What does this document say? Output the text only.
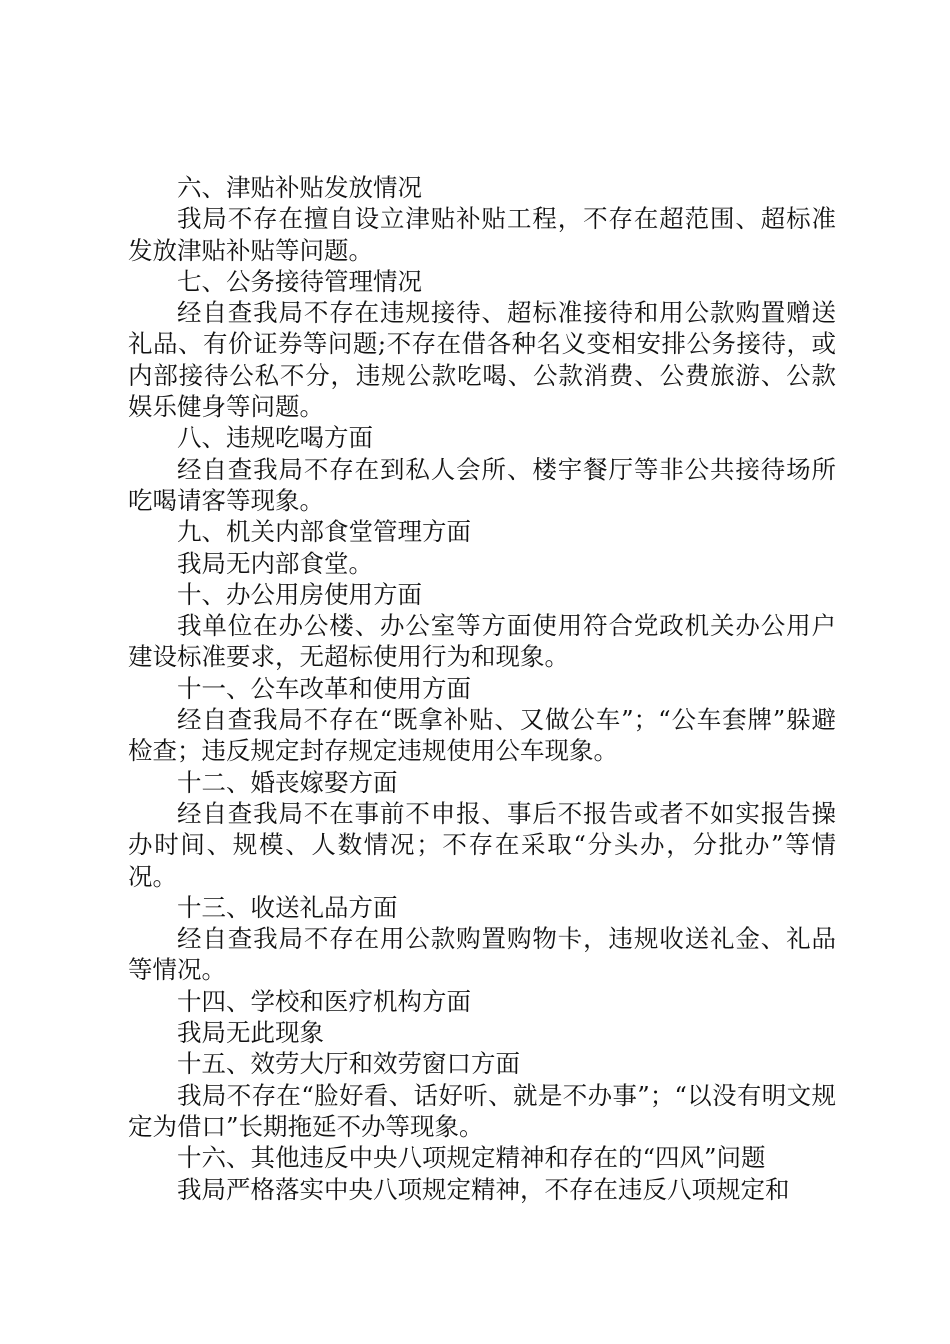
六、津贴补贴发放情况

我局不存在擅自设立津贴补贴工程，不存在超范围、超标准发放津贴补贴等问题。

七、公务接待管理情况

经自查我局不存在违规接待、超标准接待和用公款购置赠送礼品、有价证券等问题;不存在借各种名义变相安排公务接待，或内部接待公私不分，违规公款吃喝、公款消费、公费旅游、公款娱乐健身等问题。

八、违规吃喝方面

经自查我局不存在到私人会所、楼宇餐厅等非公共接待场所吃喝请客等现象。

九、机关内部食堂管理方面

我局无内部食堂。

十、办公用房使用方面

我单位在办公楼、办公室等方面使用符合党政机关办公用户建设标准要求，无超标使用行为和现象。

十一、公车改革和使用方面

经自查我局不存在“既拿补贴、又做公车”；“公车套牌”躲避检查；违反规定封存规定违规使用公车现象。

十二、婚丧嫁娶方面

经自查我局不在事前不申报、事后不报告或者不如实报告操办时间、规模、人数情况；不存在采取“分头办，分批办”等情况。

十三、收送礼品方面

经自查我局不存在用公款购置购物卡，违规收送礼金、礼品等情况。

十四、学校和医疗机构方面

我局无此现象

十五、效劳大厅和效劳窗口方面

我局不存在“脸好看、话好听、就是不办事”；“以没有明文规定为借口”长期拖延不办等现象。

十六、其他违反中央八项规定精神和存在的“四风”问题

我局严格落实中央八项规定精神，不存在违反八项规定和
